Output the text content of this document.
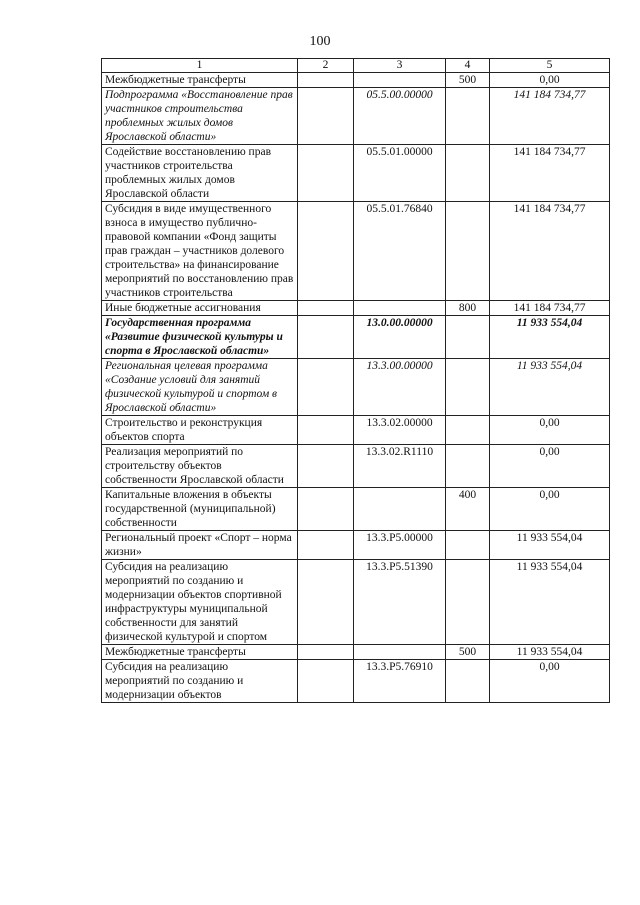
100
1	2	3	4	5
Межбюджетные трансферты			500	0,00
Подпрограмма «Восстановление прав участников строительства проблемных жилых домов Ярославской области»		05.5.00.00000		141 184 734,77
Содействие восстановлению прав участников строительства проблемных жилых домов Ярославской области		05.5.01.00000		141 184 734,77
Субсидия в виде имущественного взноса в имущество публично-правовой компании «Фонд защиты прав граждан – участников долевого строительства» на финансирование мероприятий по восстановлению прав участников строительства		05.5.01.76840		141 184 734,77
Иные бюджетные ассигнования			800	141 184 734,77
Государственная программа «Развитие физической культуры и спорта в Ярославской области»		13.0.00.00000		11 933 554,04
Региональная целевая программа «Создание условий для занятий физической культурой и спортом в Ярославской области»		13.3.00.00000		11 933 554,04
Строительство и реконструкция объектов спорта		13.3.02.00000		0,00
Реализация мероприятий по строительству объектов собственности Ярославской области		13.3.02.R1110		0,00
Капитальные вложения в объекты государственной (муниципальной) собственности			400	0,00
Региональный проект «Спорт – норма жизни»		13.3.P5.00000		11 933 554,04
Субсидия на реализацию мероприятий по созданию и модернизации объектов спортивной инфраструктуры муниципальной собственности для занятий физической культурой и спортом		13.3.P5.51390		11 933 554,04
Межбюджетные трансферты			500	11 933 554,04
Субсидия на реализацию мероприятий по созданию и модернизации объектов		13.3.P5.76910		0,00
